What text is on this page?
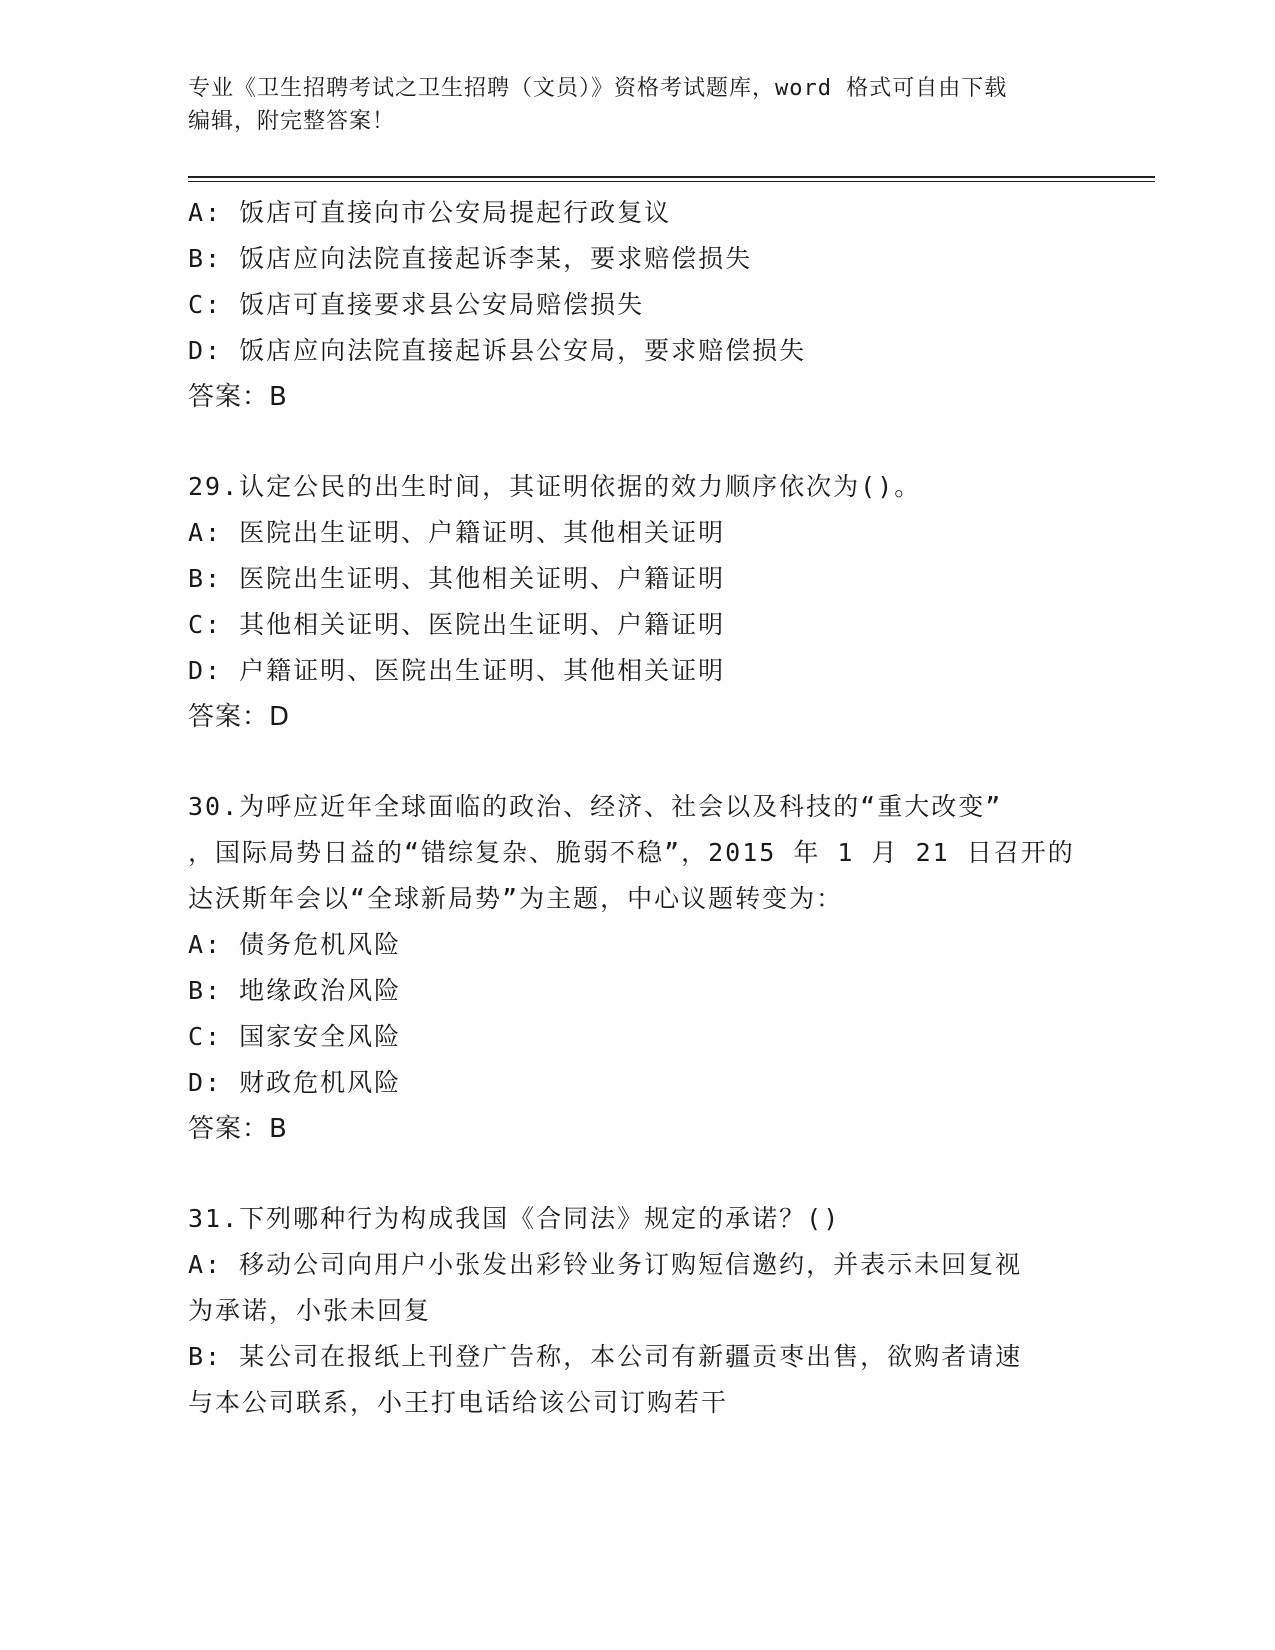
专业《卫生招聘考试之卫生招聘（文员）》资格考试题库，word 格式可自由下载
编辑，附完整答案！
A: 饭店可直接向市公安局提起行政复议
B: 饭店应向法院直接起诉李某，要求赔偿损失
C: 饭店可直接要求县公安局赔偿损失
D: 饭店应向法院直接起诉县公安局，要求赔偿损失
答案：B
29.认定公民的出生时间，其证明依据的效力顺序依次为()。
A: 医院出生证明、户籍证明、其他相关证明
B: 医院出生证明、其他相关证明、户籍证明
C: 其他相关证明、医院出生证明、户籍证明
D: 户籍证明、医院出生证明、其他相关证明
答案：D
30.为呼应近年全球面临的政治、经济、社会以及科技的“重大改变”
，国际局势日益的“错综复杂、脆弱不稳”，2015 年 1 月 21 日召开的
达沃斯年会以“全球新局势”为主题，中心议题转变为：
A: 债务危机风险
B: 地缘政治风险
C: 国家安全风险
D: 财政危机风险
答案：B
31.下列哪种行为构成我国《合同法》规定的承诺？()
A: 移动公司向用户小张发出彩铃业务订购短信邀约，并表示未回复视
为承诺，小张未回复
B: 某公司在报纸上刊登广告称，本公司有新疆贡枣出售，欲购者请速
与本公司联系，小王打电话给该公司订购若干
